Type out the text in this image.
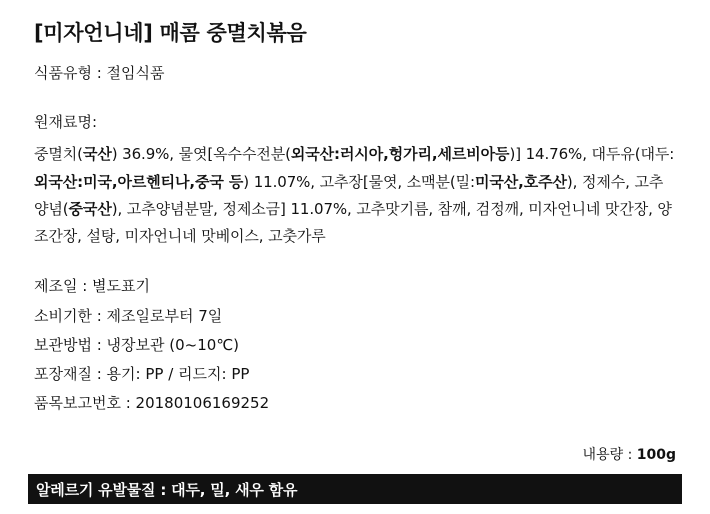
[미자언니네] 매콤 중멸치볶음

식품유형 : 절임식품

원재료명:

중멸치(국산) 36.9%, 물엿[옥수수전분(외국산:러시아,헝가리,세르비아등)] 14.76%, 대두유(대두:외국산:미국,아르헨티나,중국 등) 11.07%, 고추장[물엿, 소맥분(밀:미국산,호주산), 정제수, 고추양념(중국산), 고추양념분말, 정제소금] 11.07%, 고추맛기름, 참깨, 검정깨, 미자언니네 맛간장, 양조간장, 설탕, 미자언니네 맛베이스, 고춧가루

제조일 : 별도표기
소비기한 : 제조일로부터 7일
보관방법 : 냉장보관 (0~10℃)
포장재질 : 용기: PP / 리드지: PP
품목보고번호 : 20180106169252
내용량 : 100g
알레르기 유발물질 : 대두, 밀, 새우 함유
